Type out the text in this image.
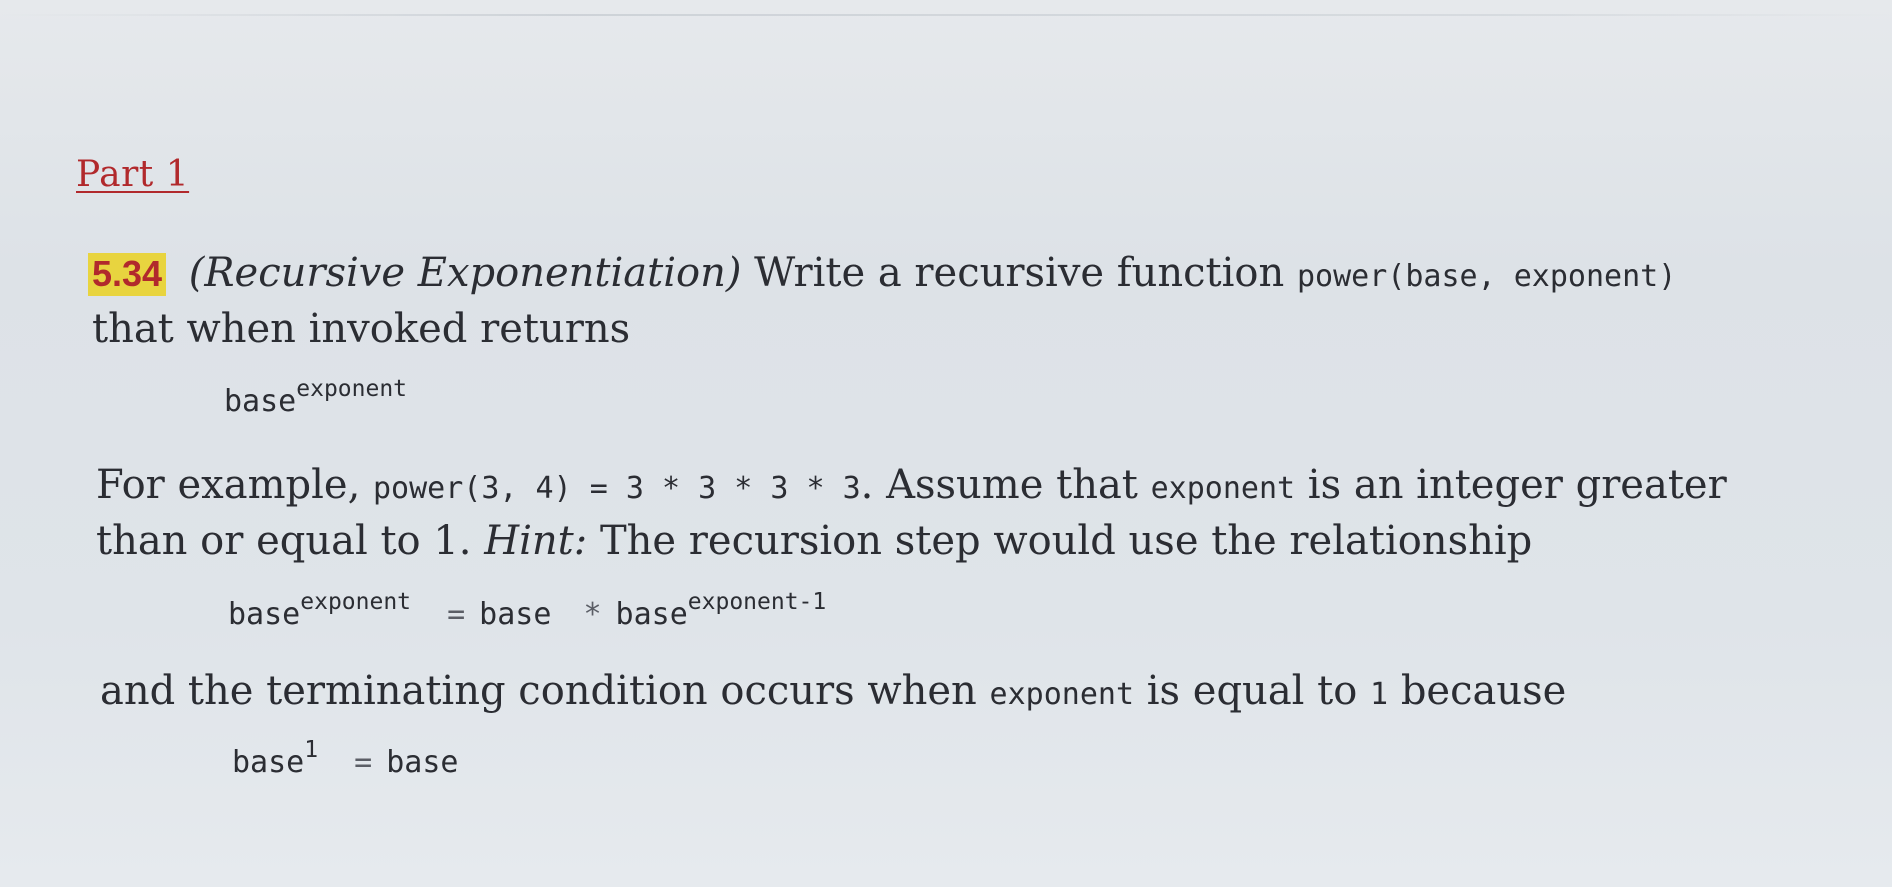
Part 1
5.34 (Recursive Exponentiation) Write a recursive function power(base, exponent)
that when invoked returns
base$^{exponent}$
For example, power(3, 4) = 3 * 3 * 3 * 3. Assume that exponent is an integer greater
than or equal to 1. Hint: The recursion step would use the relationship
base$^{exponent}$ = base * base$^{exponent-1}$
and the terminating condition occurs when exponent is equal to 1 because
base$^1$ = base
